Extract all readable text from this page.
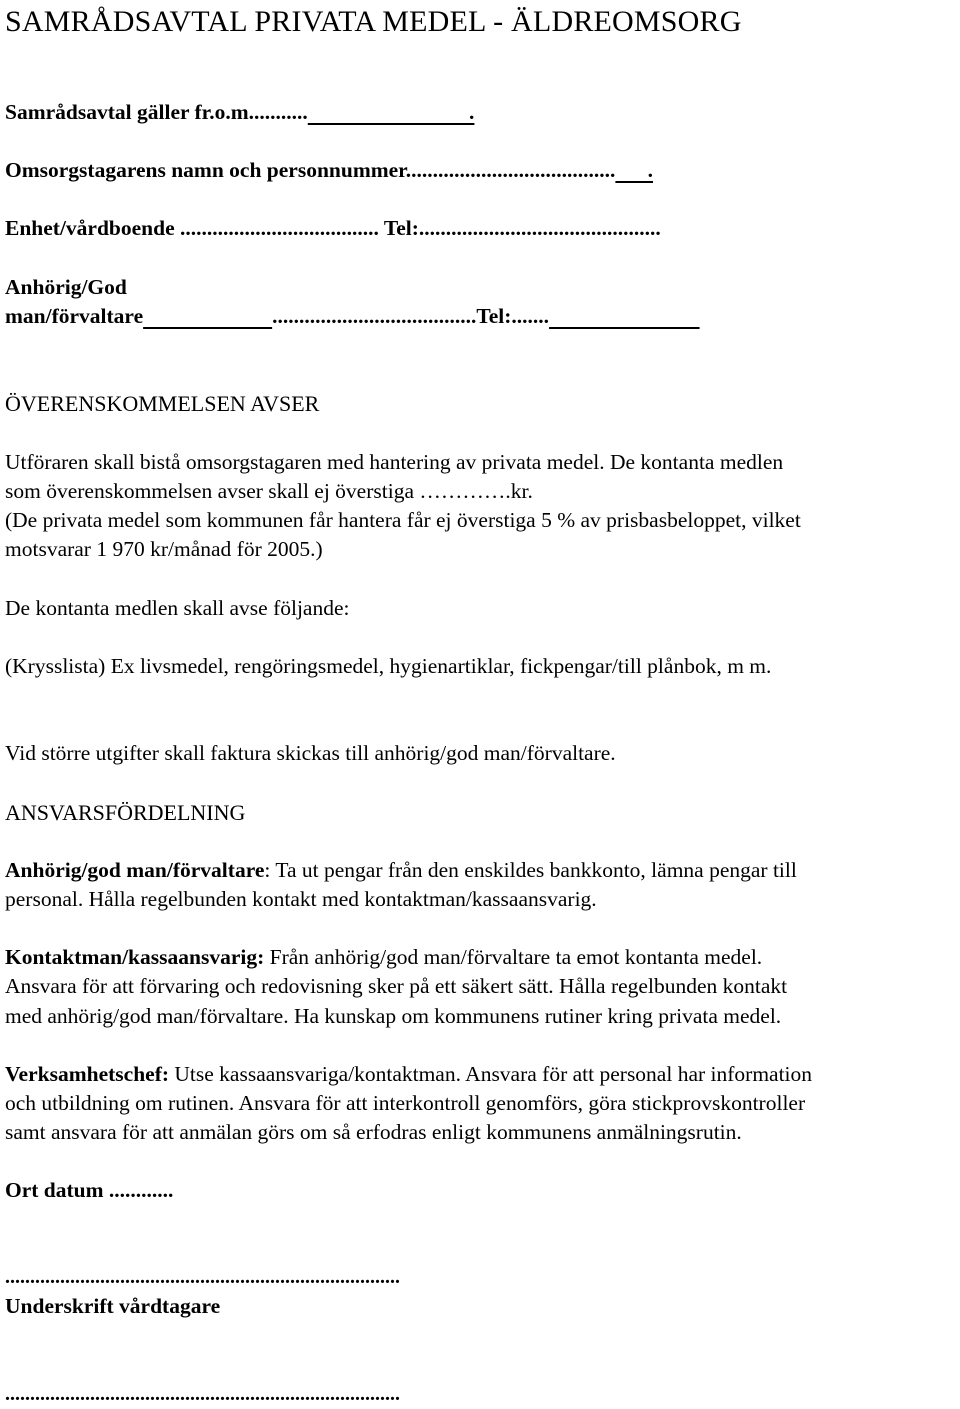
SAMRÅDSAVTAL PRIVATA MEDEL - ÄLDREOMSORG
Samrådsavtal gäller fr.o.m...........                              .
Omsorgstagarens namn och personnummer.......................................      .
Enhet/vårdboende ..................................... Tel:.............................................
Anhörig/God
man/förvaltare	......................................Tel:.......
ÖVERENSKOMMELSEN AVSER
Utföraren skall bistå omsorgstagaren med hantering av privata medel. De kontanta medlen
som överenskommelsen avser skall ej överstiga ………….kr.
(De privata medel som kommunen får hantera får ej överstiga 5 % av prisbasbeloppet, vilket
motsvarar 1 970 kr/månad för 2005.)
De kontanta medlen skall avse följande:
(Krysslista) Ex livsmedel, rengöringsmedel, hygienartiklar, fickpengar/till plånbok, m m.
Vid större utgifter skall faktura skickas till anhörig/god man/förvaltare.
ANSVARSFÖRDELNING
Anhörig/god man/förvaltare: Ta ut pengar från den enskildes bankkonto, lämna pengar till
personal. Hålla regelbunden kontakt med kontaktman/kassaansvarig.
Kontaktman/kassaansvarig: Från anhörig/god man/förvaltare ta emot kontanta medel.
Ansvara för att förvaring och redovisning sker på ett säkert sätt. Hålla regelbunden kontakt
med anhörig/god man/förvaltare. Ha kunskap om kommunens rutiner kring privata medel.
Verksamhetschef: Utse kassaansvariga/kontaktman. Ansvara för att personal har information
och utbildning om rutinen. Ansvara för att interkontroll genomförs, göra stickprovskontroller
samt ansvara för att anmälan görs om så erfodras enligt kommunens anmälningsrutin.
Ort datum ............
...............................................................................
Underskrift vårdtagare
...............................................................................
